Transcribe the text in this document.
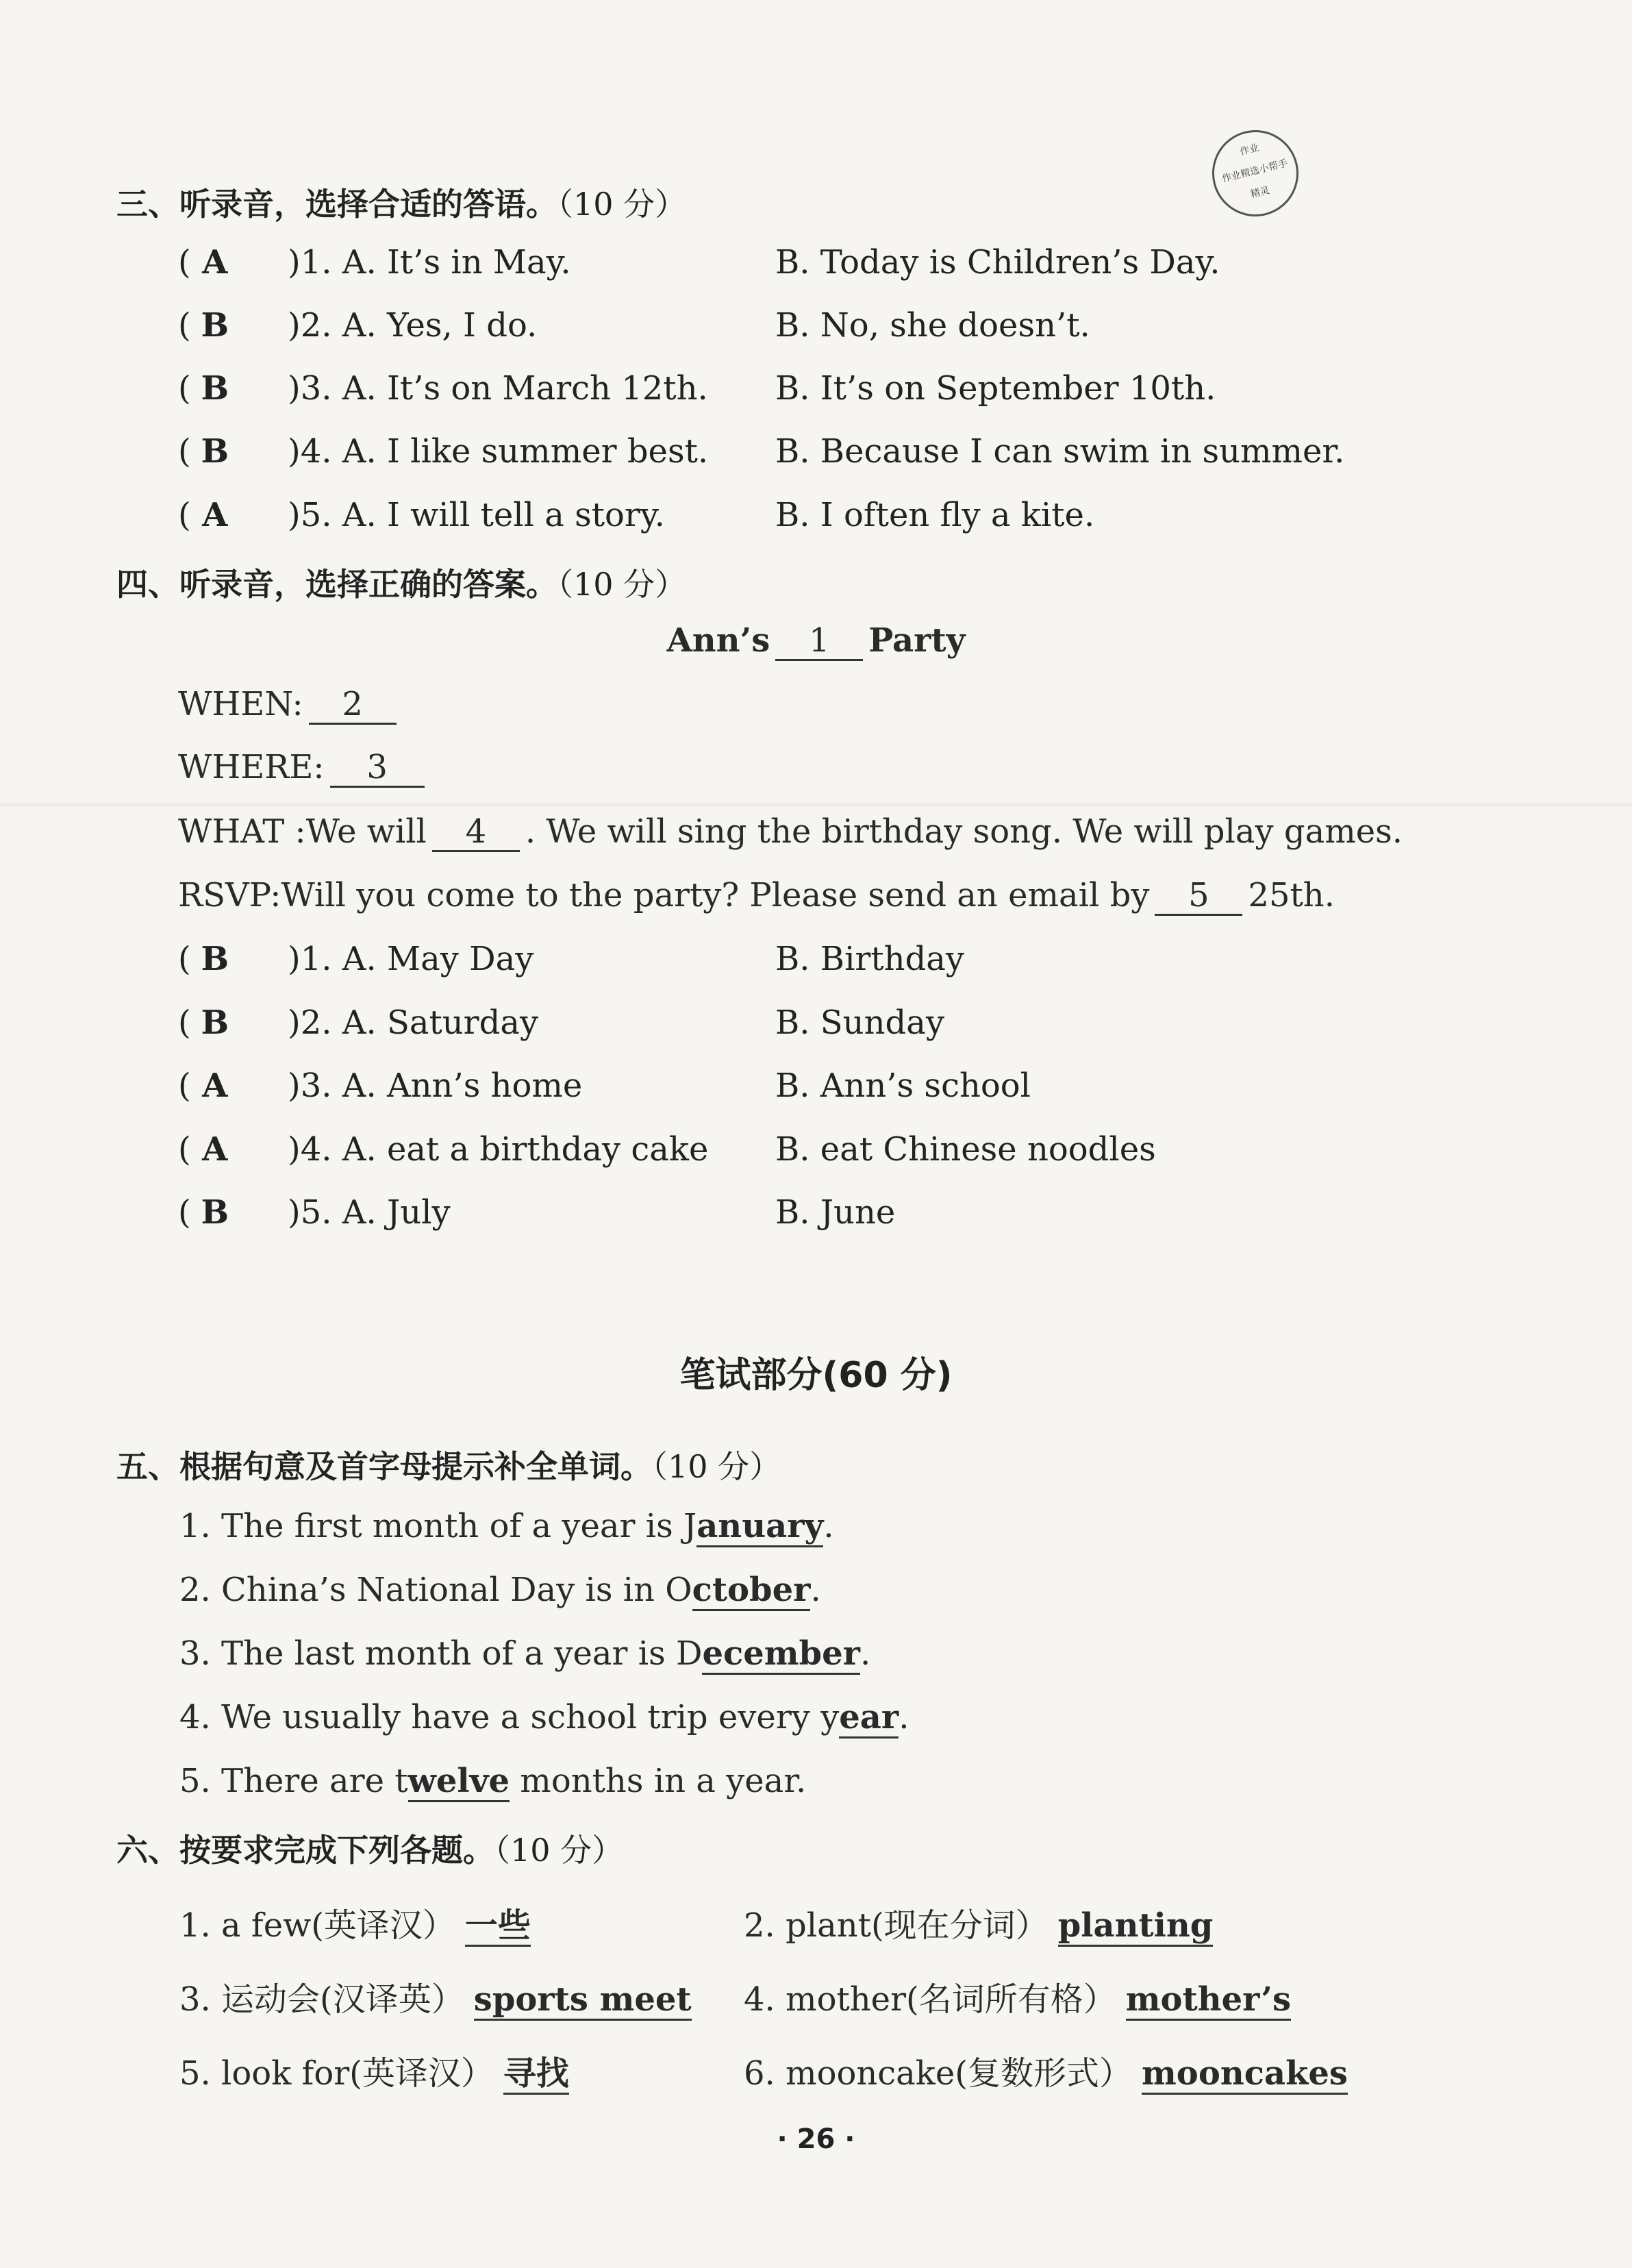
作业
作业精选小帮手
精灵
三、听录音，选择合适的答语。（10 分）
( A	)1. A. It’s in May.	B. Today is Children’s Day.
( B	)2. A. Yes, I do.	B. No, she doesn’t.
( B	)3. A. It’s on March 12th. B. It’s on September 10th.
( B	)4. A. I like summer best. B. Because I can swim in summer.
( A	)5. A. I will tell a story.	B. I often fly a kite.
四、听录音，选择正确的答案。（10 分）
Ann’s 1 Party
WHEN: 2
WHERE: 3
WHAT :We will 4 . We will sing the birthday song. We will play games.
RSVP:Will you come to the party? Please send an email by 5 25th.
( B	)1. A. May Day	B. Birthday
( B	)2. A. Saturday	B. Sunday
( A	)3. A. Ann’s home	B. Ann’s school
( A	)4. A. eat a birthday cake B. eat Chinese noodles
( B	)5. A. July	B. June
笔试部分(60 分)
五、根据句意及首字母提示补全单词。（10 分）
1. The first month of a year is January.
2. China’s National Day is in October.
3. The last month of a year is December.
4. We usually have a school trip every year.
5. There are twelve months in a year.
六、按要求完成下列各题。（10 分）
1. a few(英译汉） 一些	2. plant(现在分词） planting
3. 运动会(汉译英） sports meet 4. mother(名词所有格） mother’s
5. look for(英译汉） 寻找	6. mooncake(复数形式） mooncakes
· 26 ·
